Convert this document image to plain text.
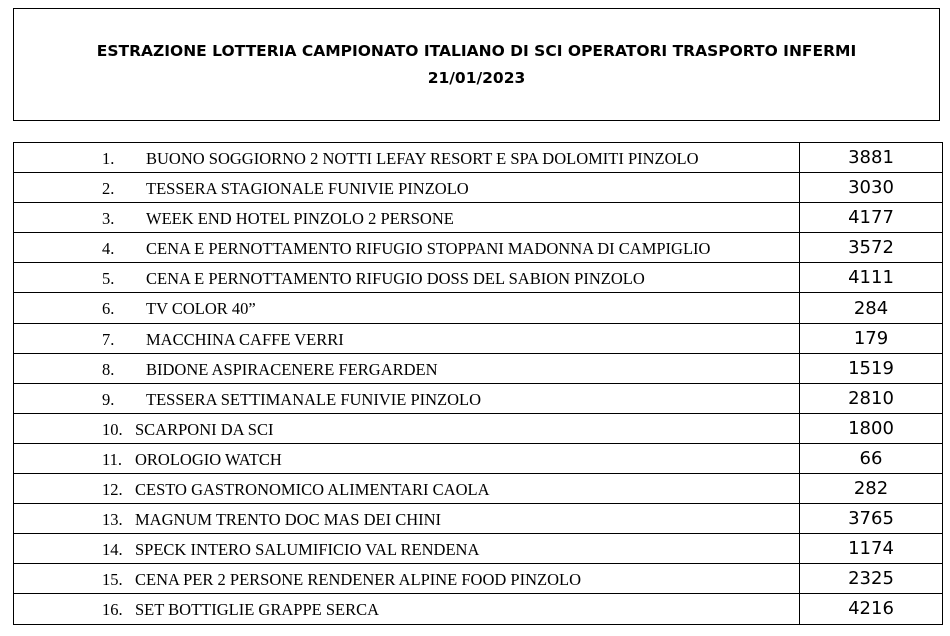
ESTRAZIONE LOTTERIA CAMPIONATO ITALIANO DI SCI OPERATORI TRASPORTO INFERMI
21/01/2023
1. BUONO SOGGIORNO 2 NOTTI LEFAY RESORT E SPA DOLOMITI PINZOLO	3881

2. TESSERA STAGIONALE FUNIVIE PINZOLO	3030

3. WEEK END HOTEL PINZOLO 2 PERSONE	4177

4. CENA E PERNOTTAMENTO RIFUGIO STOPPANI MADONNA DI CAMPIGLIO	3572

5. CENA E PERNOTTAMENTO RIFUGIO DOSS DEL SABION PINZOLO	4111

6. TV COLOR 40”	284

7. MACCHINA CAFFE VERRI	179

8. BIDONE ASPIRACENERE FERGARDEN	1519

9. TESSERA SETTIMANALE FUNIVIE PINZOLO	2810

10. SCARPONI DA SCI	1800

11. OROLOGIO WATCH	66

12. CESTO GASTRONOMICO ALIMENTARI CAOLA	282

13. MAGNUM TRENTO DOC MAS DEI CHINI	3765

14. SPECK INTERO SALUMIFICIO VAL RENDENA	1174

15. CENA PER 2 PERSONE RENDENER ALPINE FOOD PINZOLO	2325

16. SET BOTTIGLIE GRAPPE SERCA	4216
